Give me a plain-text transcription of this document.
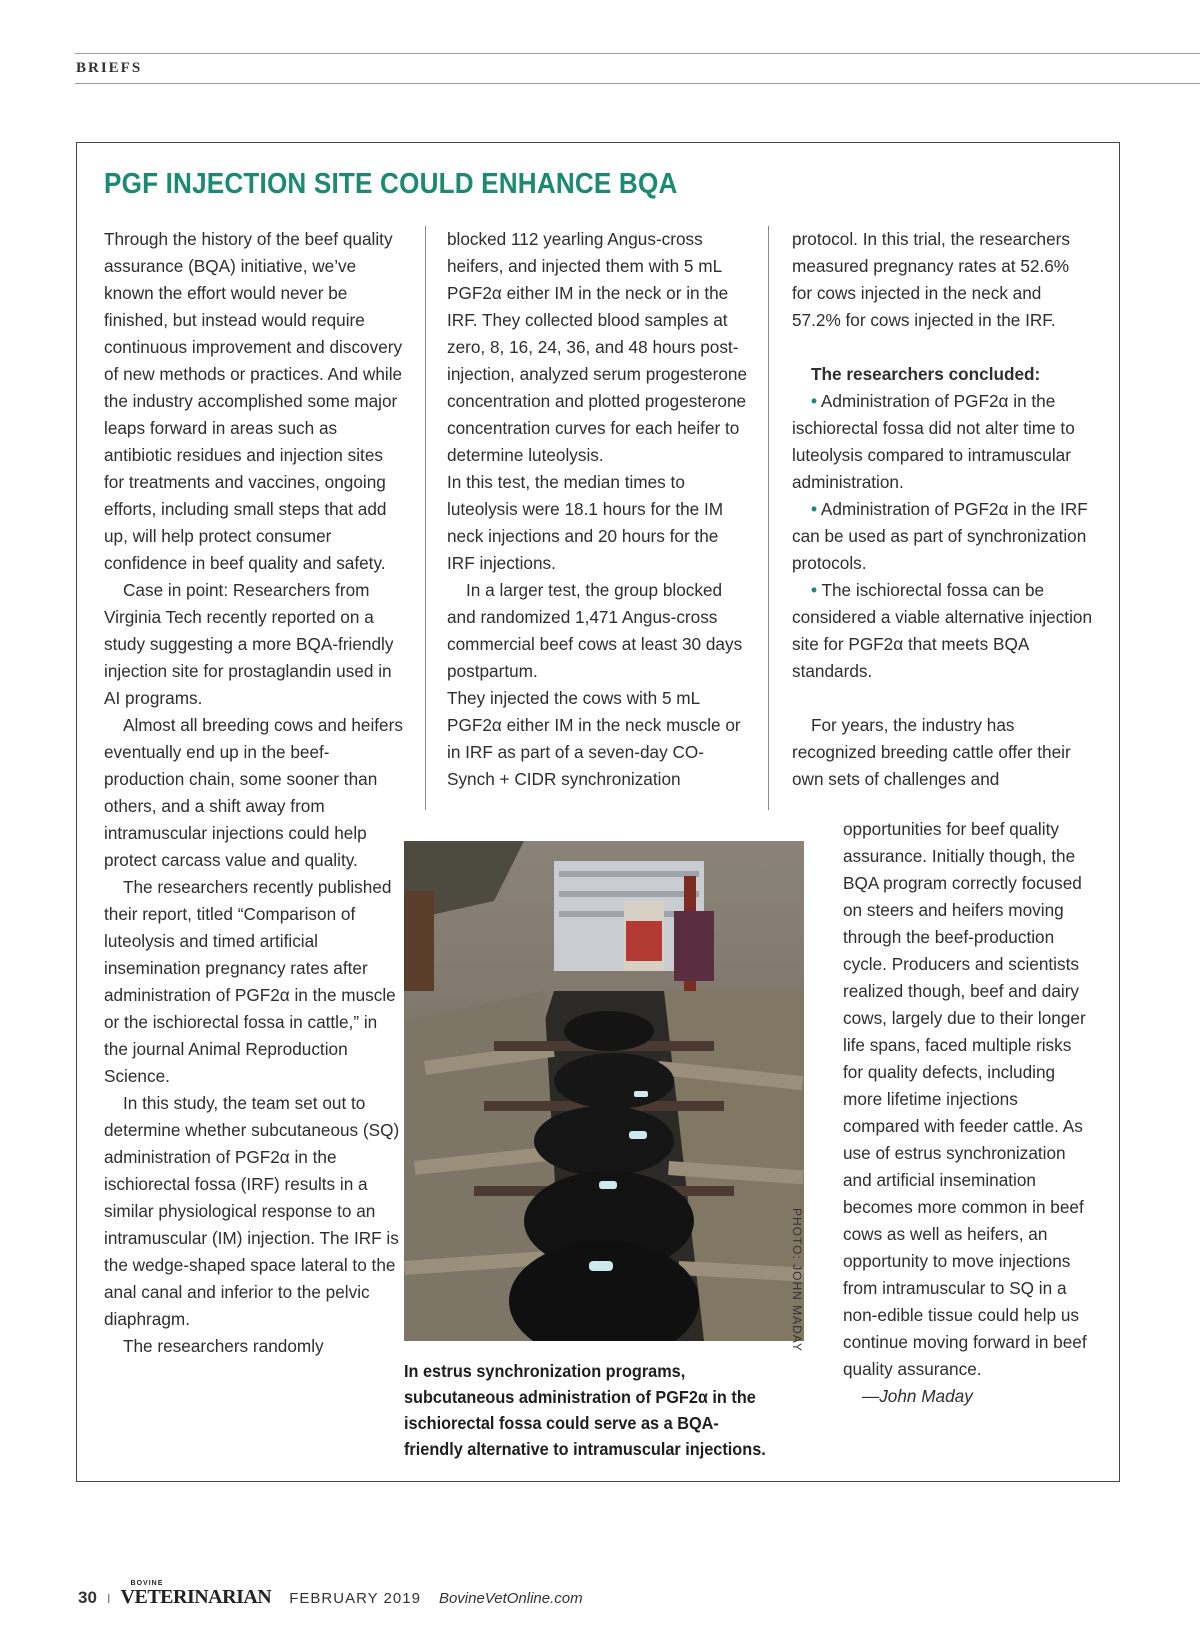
BRIEFS
PGF INJECTION SITE COULD ENHANCE BQA

Through the history of the beef quality assurance (BQA) initiative, we’ve known the effort would never be finished, but instead would require continuous improvement and discovery of new methods or practices. And while the industry accomplished some major leaps forward in areas such as antibiotic residues and injection sites for treatments and vaccines, ongoing efforts, including small steps that add up, will help protect consumer confidence in beef quality and safety.

Case in point: Researchers from Virginia Tech recently reported on a study suggesting a more BQA-friendly injection site for prostaglandin used in AI programs.

Almost all breeding cows and heifers eventually end up in the beef-production chain, some sooner than others, and a shift away from intramuscular injections could help protect carcass value and quality.

The researchers recently published their report, titled “Comparison of luteolysis and timed artificial insemination pregnancy rates after administration of PGF2α in the muscle or the ischiorectal fossa in cattle,” in the journal Animal Reproduction Science.

In this study, the team set out to determine whether subcutaneous (SQ) administration of PGF2α in the ischiorectal fossa (IRF) results in a similar physiological response to an intramuscular (IM) injection. The IRF is the wedge-shaped space lateral to the anal canal and inferior to the pelvic diaphragm.

The researchers randomly

blocked 112 yearling Angus-cross heifers, and injected them with 5 mL PGF2α either IM in the neck or in the IRF. They collected blood samples at zero, 8, 16, 24, 36, and 48 hours post-injection, analyzed serum progesterone concentration and plotted progesterone concentration curves for each heifer to determine luteolysis.

In this test, the median times to luteolysis were 18.1 hours for the IM neck injections and 20 hours for the IRF injections.

In a larger test, the group blocked and randomized 1,471 Angus-cross commercial beef cows at least 30 days postpartum.

They injected the cows with 5 mL PGF2α either IM in the neck muscle or in IRF as part of a seven-day CO-Synch + CIDR synchronization

protocol. In this trial, the researchers measured pregnancy rates at 52.6% for cows injected in the neck and 57.2% for cows injected in the IRF.

The researchers concluded:

• Administration of PGF2α in the ischiorectal fossa did not alter time to luteolysis compared to intramuscular administration.

• Administration of PGF2α in the IRF can be used as part of synchronization protocols.

• The ischiorectal fossa can be considered a viable alternative injection site for PGF2α that meets BQA standards.

For years, the industry has recognized breeding cattle offer their own sets of challenges and

opportunities for beef quality assurance. Initially though, the BQA program correctly focused on steers and heifers moving through the beef-production cycle. Producers and scientists realized though, beef and dairy cows, largely due to their longer life spans, faced multiple risks for quality defects, including more lifetime injections compared with feeder cattle. As use of estrus synchronization and artificial insemination becomes more common in beef cows as well as heifers, an opportunity to move injections from intramuscular to SQ in a non-edible tissue could help us continue moving forward in beef quality assurance.

—John Maday

PHOTO: JOHN MADAY
In estrus synchronization programs, subcutaneous administration of PGF2α in the ischiorectal fossa could serve as a BQA-friendly alternative to intramuscular injections.
30 I
BOVINE
VETERINARIAN FEBRUARY 2019 BovineVetOnline.com
